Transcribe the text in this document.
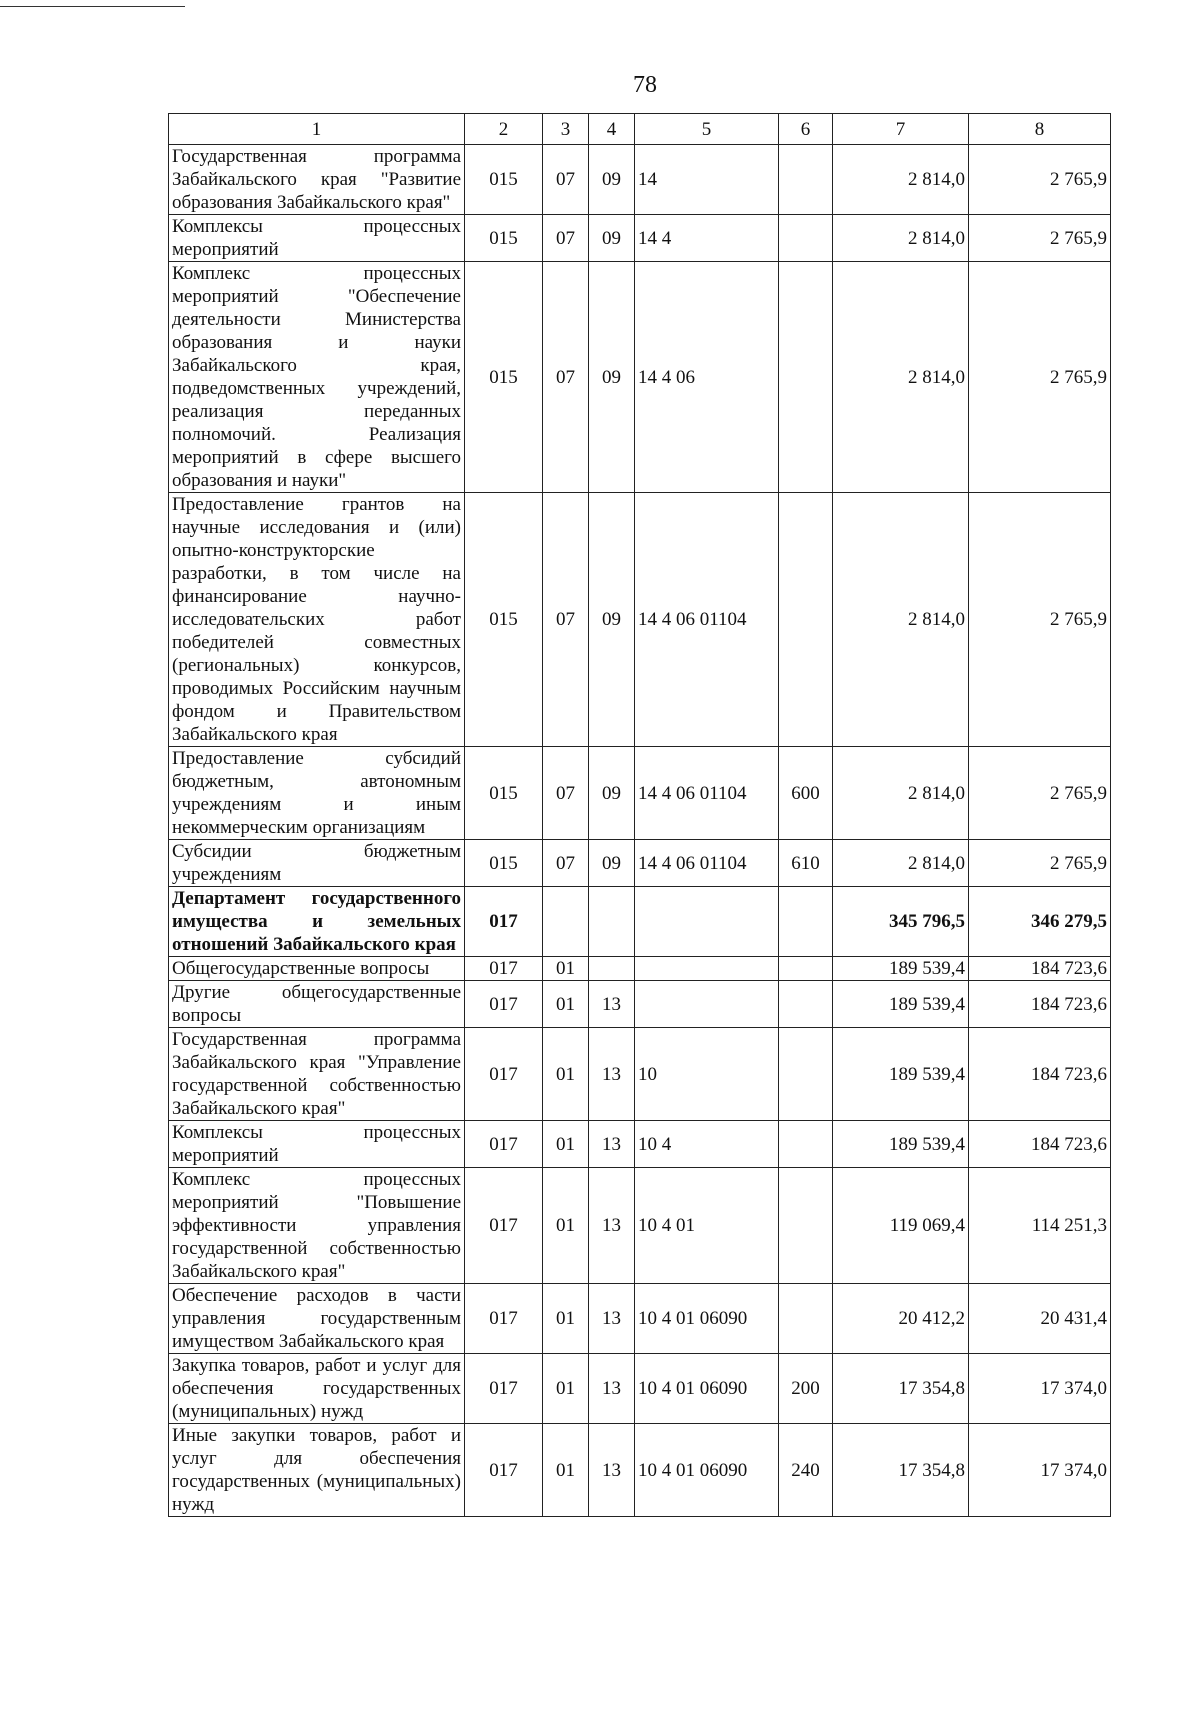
78
1	2	3	4	5	6	7	8
Государственная программа Забайкальского края "Развитие образования Забайкальского края"	015	07	09	14		2 814,0	2 765,9
Комплексы процессных мероприятий	015	07	09	14 4		2 814,0	2 765,9
Комплекс процессных мероприятий "Обеспечение деятельности Министерства образования и науки Забайкальского края, подведомственных учреждений, реализация переданных полномочий. Реализация мероприятий в сфере высшего образования и науки"	015	07	09	14 4 06		2 814,0	2 765,9
Предоставление грантов на научные исследования и (или) опытно-конструкторские разработки, в том числе на финансирование научно-исследовательских работ победителей совместных (региональных) конкурсов, проводимых Российским научным фондом и Правительством Забайкальского края	015	07	09	14 4 06 01104		2 814,0	2 765,9
Предоставление субсидий бюджетным, автономным учреждениям и иным некоммерческим организациям	015	07	09	14 4 06 01104	600	2 814,0	2 765,9
Субсидии бюджетным учреждениям	015	07	09	14 4 06 01104	610	2 814,0	2 765,9
Департамент государственного имущества и земельных отношений Забайкальского края	017					345 796,5	346 279,5
Общегосударственные вопросы	017	01				189 539,4	184 723,6
Другие общегосударственные вопросы	017	01	13			189 539,4	184 723,6
Государственная программа Забайкальского края "Управление государственной собственностью Забайкальского края"	017	01	13	10		189 539,4	184 723,6
Комплексы процессных мероприятий	017	01	13	10 4		189 539,4	184 723,6
Комплекс процессных мероприятий "Повышение эффективности управления государственной собственностью Забайкальского края"	017	01	13	10 4 01		119 069,4	114 251,3
Обеспечение расходов в части управления государственным имуществом Забайкальского края	017	01	13	10 4 01 06090		20 412,2	20 431,4
Закупка товаров, работ и услуг для обеспечения государственных (муниципальных) нужд	017	01	13	10 4 01 06090	200	17 354,8	17 374,0
Иные закупки товаров, работ и услуг для обеспечения государственных (муниципальных) нужд	017	01	13	10 4 01 06090	240	17 354,8	17 374,0
